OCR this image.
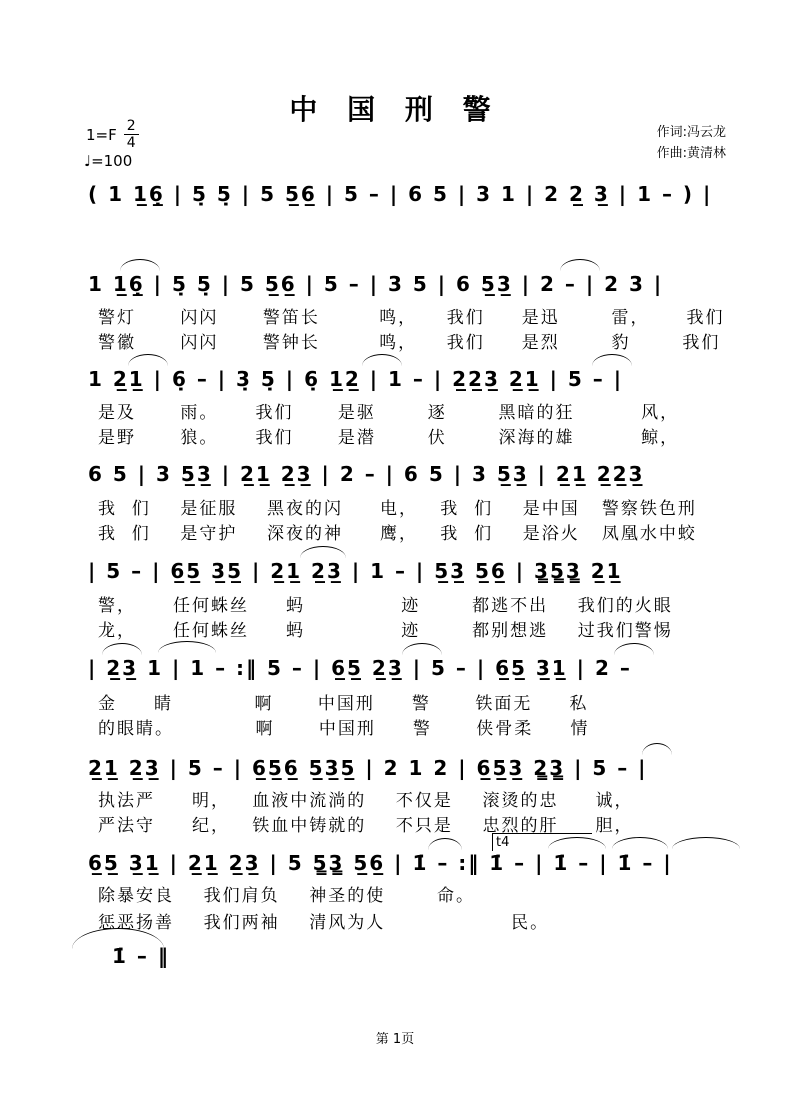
中 国 刑 警
$1=F \frac{2}{4}$
♩=100
作词:冯云龙
作曲:黄清林
( 1 1̲6̲̣ | 5̣ 5̣ | 5 5̲6̲ | 5 – | 6 5 | 3 1 | 2 2̲ 3̲ | 1 – ) |
1 1̲6̲̣ | 5̣ 5̣ | 5 5̲6̲ | 5 – | 3 5 | 6 5̲3̲ | 2 – | 2 3 |
警灯      闪闪      警笛长        鸣，    我们     是迅       雷，     我们
警徽      闪闪      警钟长        鸣，    我们     是烈       豹       我们
1 2̲1̲ | 6̣ – | 3̣ 5̣ | 6̣ 1̲2̲ | 1 – | 2̲2̲3̲ 2̲1̲ | 5 – |
是及      雨。     我们      是驱       逐       黑暗的狂         风，
是野      狼。     我们      是潜       伏       深海的雄         鲸，
6 5 | 3 5̲3̲ | 2̲1̲ 2̲3̲ | 2 – | 6 5 | 3 5̲3̲ | 2̲1̲ 2̲2̲3̲
我  们    是征服    黑夜的闪     电，   我  们    是中国   警察铁色刑
我  们    是守护    深夜的神     鹰，   我  们    是浴火   凤凰水中蛟
| 5 – | 6̲5̲ 3̲5̲ | 2̲1̲ 2̲3̲ | 1 – | 5̲3̲ 5̲6̲ | 3̳5̳3̳ 2̲1̲
警，     任何蛛丝     蚂             迹       都逃不出    我们的火眼
龙，     任何蛛丝     蚂             迹       都别想逃    过我们警惕
| 2̲3̲ 1 | 1 – :‖ 5 – | 6̲5̲ 2̲3̲ | 5 – | 6̲5̲ 3̲1̲ | 2 –
金     睛           啊      中国刑     警      铁面无     私
的眼睛。           啊      中国刑     警      侠骨柔     情
2̲1̲ 2̲3̲ | 5 – | 6̲5̲6̲ 5̲3̲5̲ | 2 1 2 | 6̲5̲3̲ 2̳3̳ | 5 – |
执法严     明，   血液中流淌的    不仅是    滚烫的忠     诚，
严法守     纪，   铁血中铸就的    不只是    忠烈的肝     胆，
t4
6̲5̲ 3̲1̲ | 2̲1̲ 2̲3̲ | 5 5̳3̳ 5̲6̲ | 1̇ – :‖ 1̇ – | 1̇ – | 1̇ – |
除暴安良    我们肩负    神圣的使       命。
惩恶扬善    我们两袖    清风为人                 民。
1̇ – ‖
第 1页
